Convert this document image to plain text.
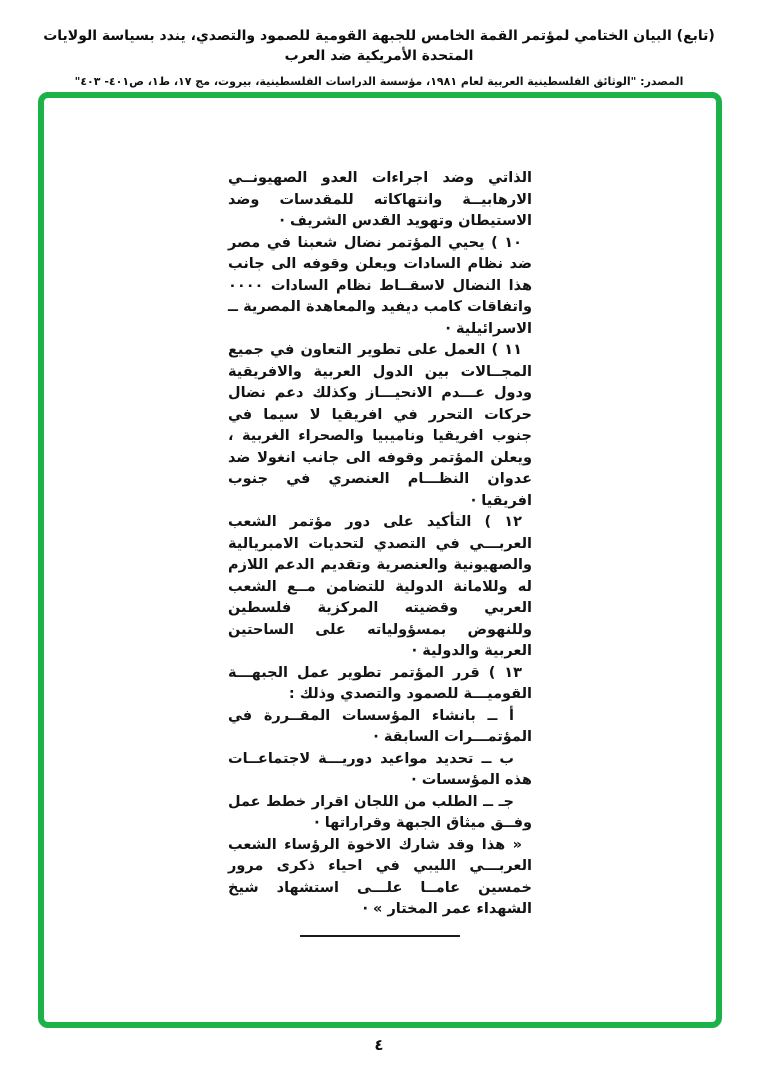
(تابع) البيان الختامي لمؤتمر القمة الخامس للجبهة القومية للصمود والتصدي، يندد بسياسة الولايات المتحدة الأمريكية ضد العرب
المصدر: "الوثائق الفلسطينية العربية لعام ١٩٨١، مؤسسة الدراسات الفلسطينية، بيروت، مج ١٧، ط١، ص٤٠١- ٤٠٣"

الذاتي وضد اجراءات العدو الصهيونــي الارهابيــة وانتهاكاته للمقدسات وضد الاستيطان وتهويد القدس الشريف ·

١٠ ) يحيي المؤتمر نضال شعبنا في مصر ضد نظام السادات ويعلن وقوفه الى جانب هذا النضال لاسقــاط نظام السادات ٠٠٠٠ واتفاقات كامب ديفيد والمعاهدة المصرية ــ الاسرائيلية ·

١١ ) العمل على تطوير التعاون في جميع المجــالات بين الدول العربية والافريقية ودول عـــدم الانحيـــاز وكذلك دعم نضال حركات التحرر في افريقيا لا سيما في جنوب افريقيا وناميبيا والصحراء الغربية ، ويعلن المؤتمر وقوفه الى جانب انغولا ضد عدوان النظـــام العنصري في جنوب افريقيا ·

١٢ ) التأكيد على دور مؤتمر الشعب العربـــي في التصدي لتحديات الامبريالية والصهيونية والعنصرية وتقديم الدعم اللازم له وللامانة الدولية للتضامن مــع الشعب العربي وقضيته المركزية فلسطين وللنهوض بمسؤولياته على الساحتين العربية والدولية ·

١٣ ) قرر المؤتمر تطوير عمل الجبهـــة القوميـــة للصمود والتصدي وذلك :

أ ــ بانشاء المؤسسات المقــررة في المؤتمـــرات السابقة ·

ب ــ تحديد مواعيد دوريـــة لاجتماعــات هذه المؤسسات ·

جـ ــ الطلب من اللجان اقرار خطط عمل وفــق ميثاق الجبهة وقراراتها ·

« هذا وقد شارك الاخوة الرؤساء الشعب العربـــي الليبي في احياء ذكرى مرور خمسين عامــا علـــى استشهاد شيخ الشهداء عمر المختار » ·

٤
